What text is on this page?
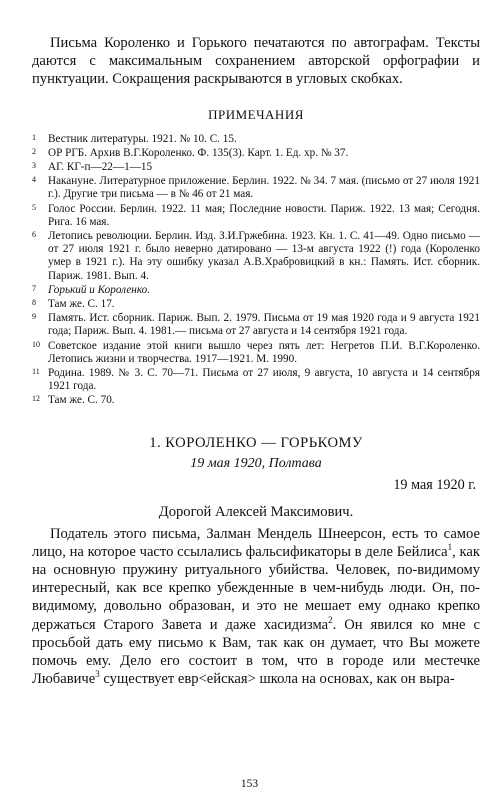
Письма Короленко и Горького печатаются по автографам. Тексты даются с максимальным сохранением авторской орфографии и пунктуации. Сокращения раскрываются в угловых скобках.

ПРИМЕЧАНИЯ
1 Вестник литературы. 1921. № 10. С. 15.
2 ОР РГБ. Архив В.Г.Короленко. Ф. 135(3). Карт. 1. Ед. хр. № 37.
3 АГ. КГ-п—22—1—15
4 Накануне. Литературное приложение. Берлин. 1922. № 34. 7 мая. (письмо от 27 июля 1921 г.). Другие три письма — в № 46 от 21 мая.
5 Голос России. Берлин. 1922. 11 мая; Последние новости. Париж. 1922. 13 мая; Сегодня. Рига. 16 мая.
6 Летопись революции. Берлин. Изд. З.И.Гржебина. 1923. Кн. 1. С. 41—49. Одно письмо — от 27 июля 1921 г. было неверно датировано — 13-м августа 1922 (!) года (Короленко умер в 1921 г.). На эту ошибку указал А.В.Храбровицкий в кн.: Память. Ист. сборник. Париж. 1981. Вып. 4.
7 Горький и Короленко.
8 Там же. С. 17.
9 Память. Ист. сборник. Париж. Вып. 2. 1979. Письма от 19 мая 1920 года и 9 августа 1921 года; Париж. Вып. 4. 1981.— письма от 27 августа и 14 сентября 1921 года.
10 Советское издание этой книги вышло через пять лет: Негретов П.И. В.Г.Короленко. Летопись жизни и творчества. 1917—1921. М. 1990.
11 Родина. 1989. № 3. С. 70—71. Письма от 27 июля, 9 августа, 10 августа и 14 сентября 1921 года.
12 Там же. С. 70.
1. КОРОЛЕНКО — ГОРЬКОМУ
19 мая 1920, Полтава
19 мая 1920 г.
Дорогой Алексей Максимович.

Податель этого письма, Залман Мендель Шнеерсон, есть то самое лицо, на которое часто ссылались фальсификаторы в деле Бейлиса$^1$, как на основную пружину ритуального убийства. Человек, по-видимому интересный, как все крепко убежденные в чем-нибудь люди. Он, по-видимому, довольно образован, и это не мешает ему однако крепко держаться Старого Завета и даже хасидизма$^2$. Он явился ко мне с просьбой дать ему письмо к Вам, так как он думает, что Вы можете помочь ему. Дело его состоит в том, что в городе или местечке Любавиче$^3$ существует евр<ейская> школа на основах, как он выра-

153
